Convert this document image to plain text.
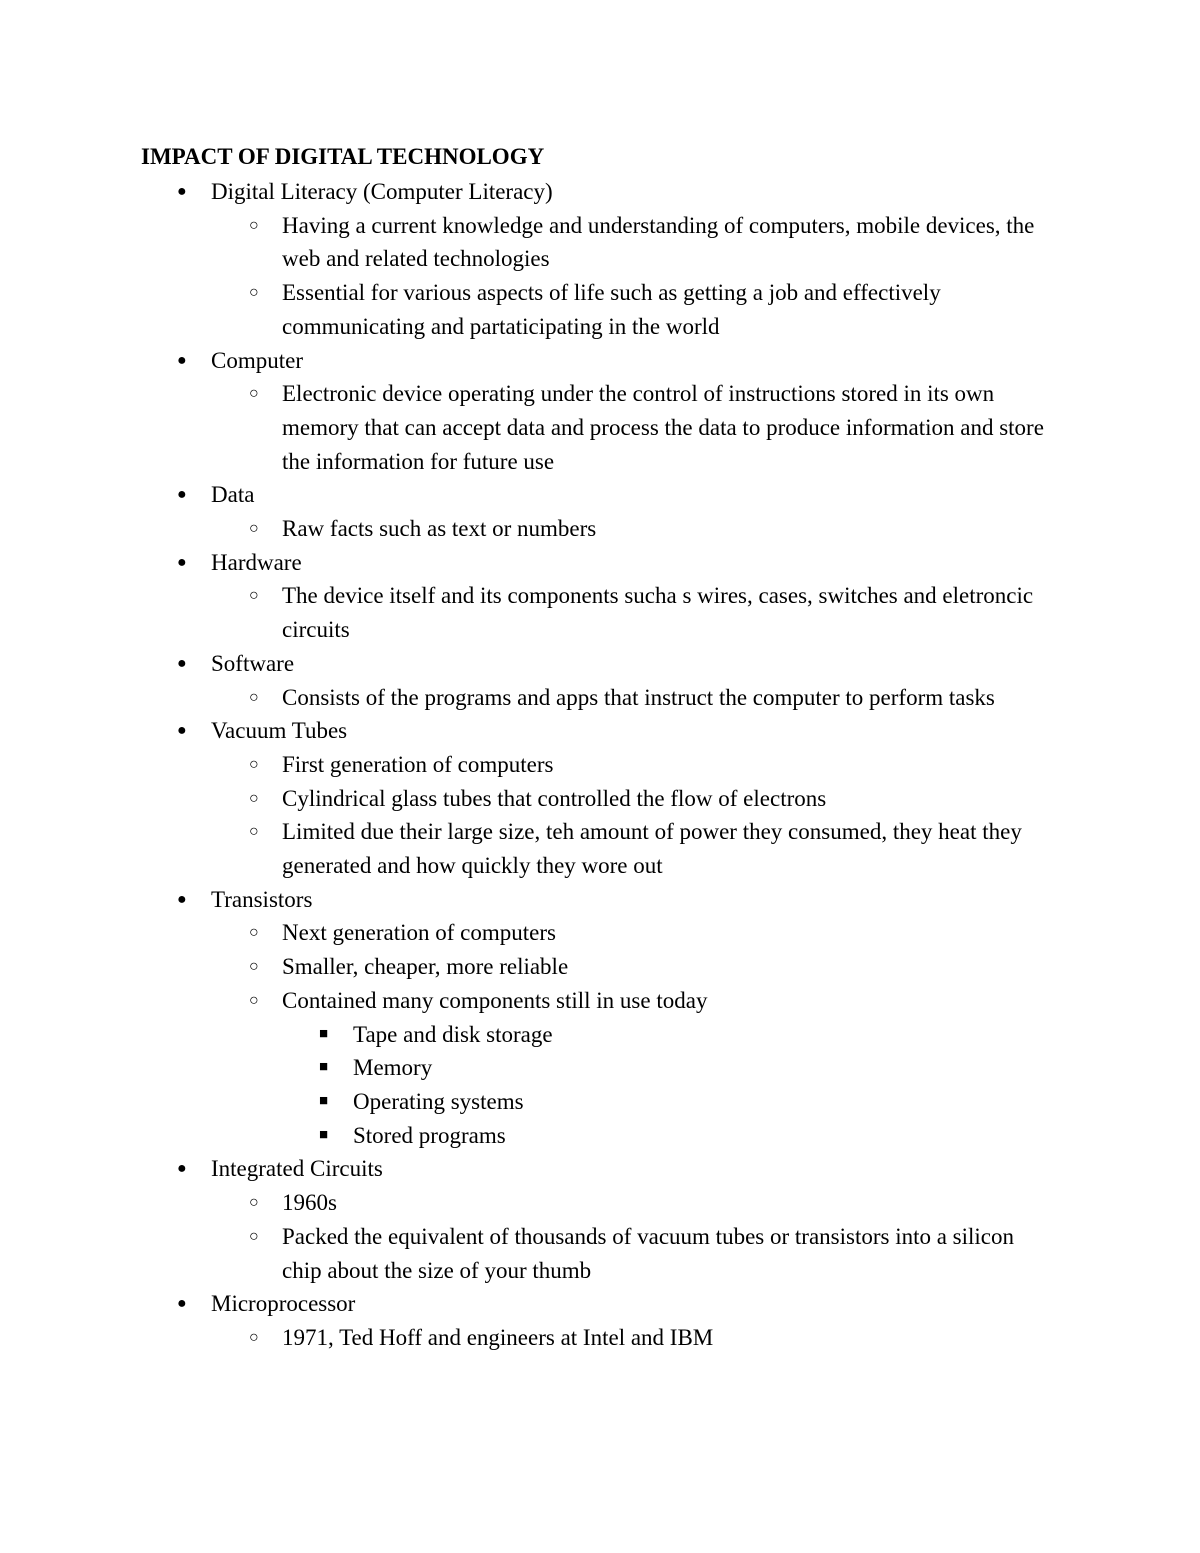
IMPACT OF DIGITAL TECHNOLOGY
● Digital Literacy (Computer Literacy)
○ Having a current knowledge and understanding of computers, mobile devices, the web and related technologies
○ Essential for various aspects of life such as getting a job and effectively communicating and partaticipating in the world
● Computer
○ Electronic device operating under the control of instructions stored in its own memory that can accept data and process the data to produce information and store the information for future use
● Data
○ Raw facts such as text or numbers
● Hardware
○ The device itself and its components sucha s wires, cases, switches and eletroncic circuits
● Software
○ Consists of the programs and apps that instruct the computer to perform tasks
● Vacuum Tubes
○ First generation of computers
○ Cylindrical glass tubes that controlled the flow of electrons
○ Limited due their large size, teh amount of power they consumed, they heat they generated and how quickly they wore out
● Transistors
○ Next generation of computers
○ Smaller, cheaper, more reliable
○ Contained many components still in use today
■ Tape and disk storage
■ Memory
■ Operating systems
■ Stored programs
● Integrated Circuits
○ 1960s
○ Packed the equivalent of thousands of vacuum tubes or transistors into a silicon chip about the size of your thumb
● Microprocessor
○ 1971, Ted Hoff and engineers at Intel and IBM
